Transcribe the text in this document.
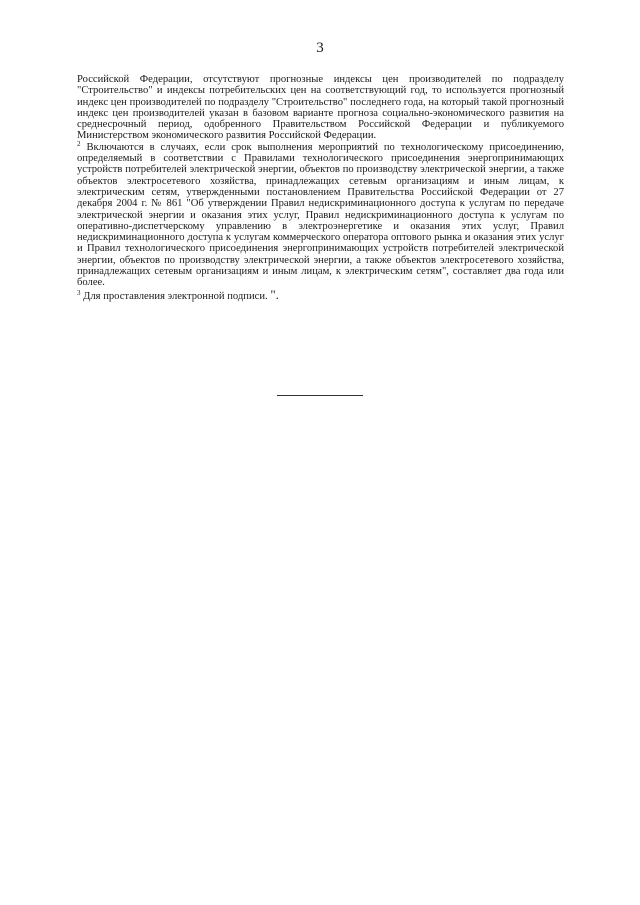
3

Российской Федерации, отсутствуют прогнозные индексы цен производителей по подразделу "Строительство" и индексы потребительских цен на соответствующий год, то используется прогнозный индекс цен производителей по подразделу "Строительство" последнего года, на который такой прогнозный индекс цен производителей указан в базовом варианте прогноза социально-экономического развития на среднесрочный период, одобренного Правительством Российской Федерации и публикуемого Министерством экономического развития Российской Федерации.

$^2$ Включаются в случаях, если срок выполнения мероприятий по технологическому присоединению, определяемый в соответствии с Правилами технологического присоединения энергопринимающих устройств потребителей электрической энергии, объектов по производству электрической энергии, а также объектов электросетевого хозяйства, принадлежащих сетевым организациям и иным лицам, к электрическим сетям, утвержденными постановлением Правительства Российской Федерации от 27 декабря 2004 г. № 861 "Об утверждении Правил недискриминационного доступа к услугам по передаче электрической энергии и оказания этих услуг, Правил недискриминационного доступа к услугам по оперативно-диспетчерскому управлению в электроэнергетике и оказания этих услуг, Правил недискриминационного доступа к услугам коммерческого оператора оптового рынка и оказания этих услуг и Правил технологического присоединения энергопринимающих устройств потребителей электрической энергии, объектов по производству электрической энергии, а также объектов электросетевого хозяйства, принадлежащих сетевым организациям и иным лицам, к электрическим сетям", составляет два года или более.

$^3$ Для проставления электронной подписи. ".
